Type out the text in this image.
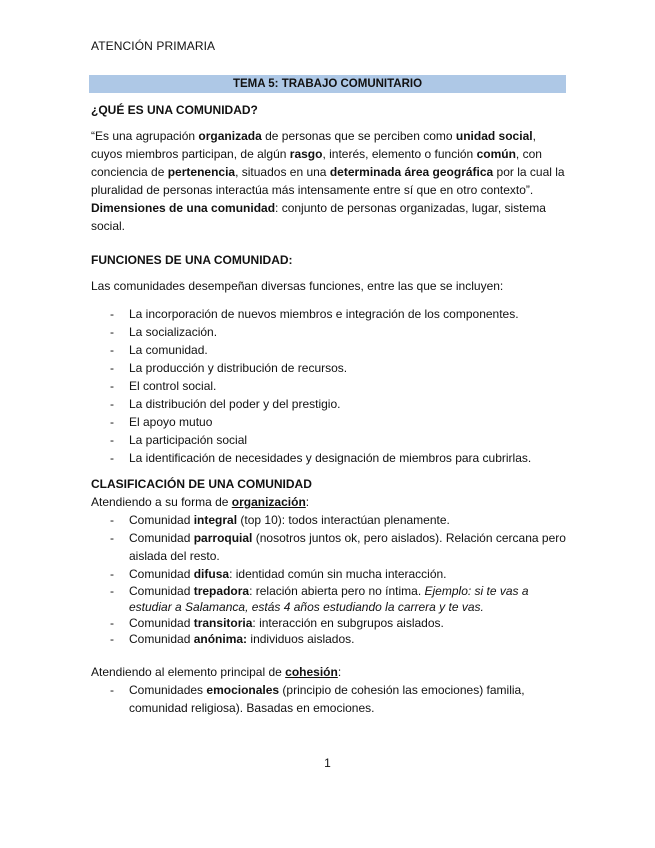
ATENCIÓN PRIMARIA
TEMA 5: TRABAJO COMUNITARIO
¿QUÉ ES UNA COMUNIDAD?

“Es una agrupación organizada de personas que se perciben como unidad social, cuyos miembros participan, de algún rasgo, interés, elemento o función común, con conciencia de pertenencia, situados en una determinada área geográfica por la cual la pluralidad de personas interactúa más intensamente entre sí que en otro contexto”.

Dimensiones de una comunidad: conjunto de personas organizadas, lugar, sistema social.

FUNCIONES DE UNA COMUNIDAD:

Las comunidades desempeñan diversas funciones, entre las que se incluyen:

- La incorporación de nuevos miembros e integración de los componentes.
- La socialización.
- La comunidad.
- La producción y distribución de recursos.
- El control social.
- La distribución del poder y del prestigio.
- El apoyo mutuo
- La participación social
- La identificación de necesidades y designación de miembros para cubrirlas.
CLASIFICACIÓN DE UNA COMUNIDAD

Atendiendo a su forma de organización:

- Comunidad integral (top 10): todos interactúan plenamente.
- Comunidad parroquial (nosotros juntos ok, pero aislados). Relación cercana pero aislada del resto.
- Comunidad difusa: identidad común sin mucha interacción.
- Comunidad trepadora: relación abierta pero no íntima. Ejemplo: si te vas a estudiar a Salamanca, estás 4 años estudiando la carrera y te vas.
- Comunidad transitoria: interacción en subgrupos aislados.
- Comunidad anónima: individuos aislados.

Atendiendo al elemento principal de cohesión:

- Comunidades emocionales (principio de cohesión las emociones) familia, comunidad religiosa). Basadas en emociones.
1
